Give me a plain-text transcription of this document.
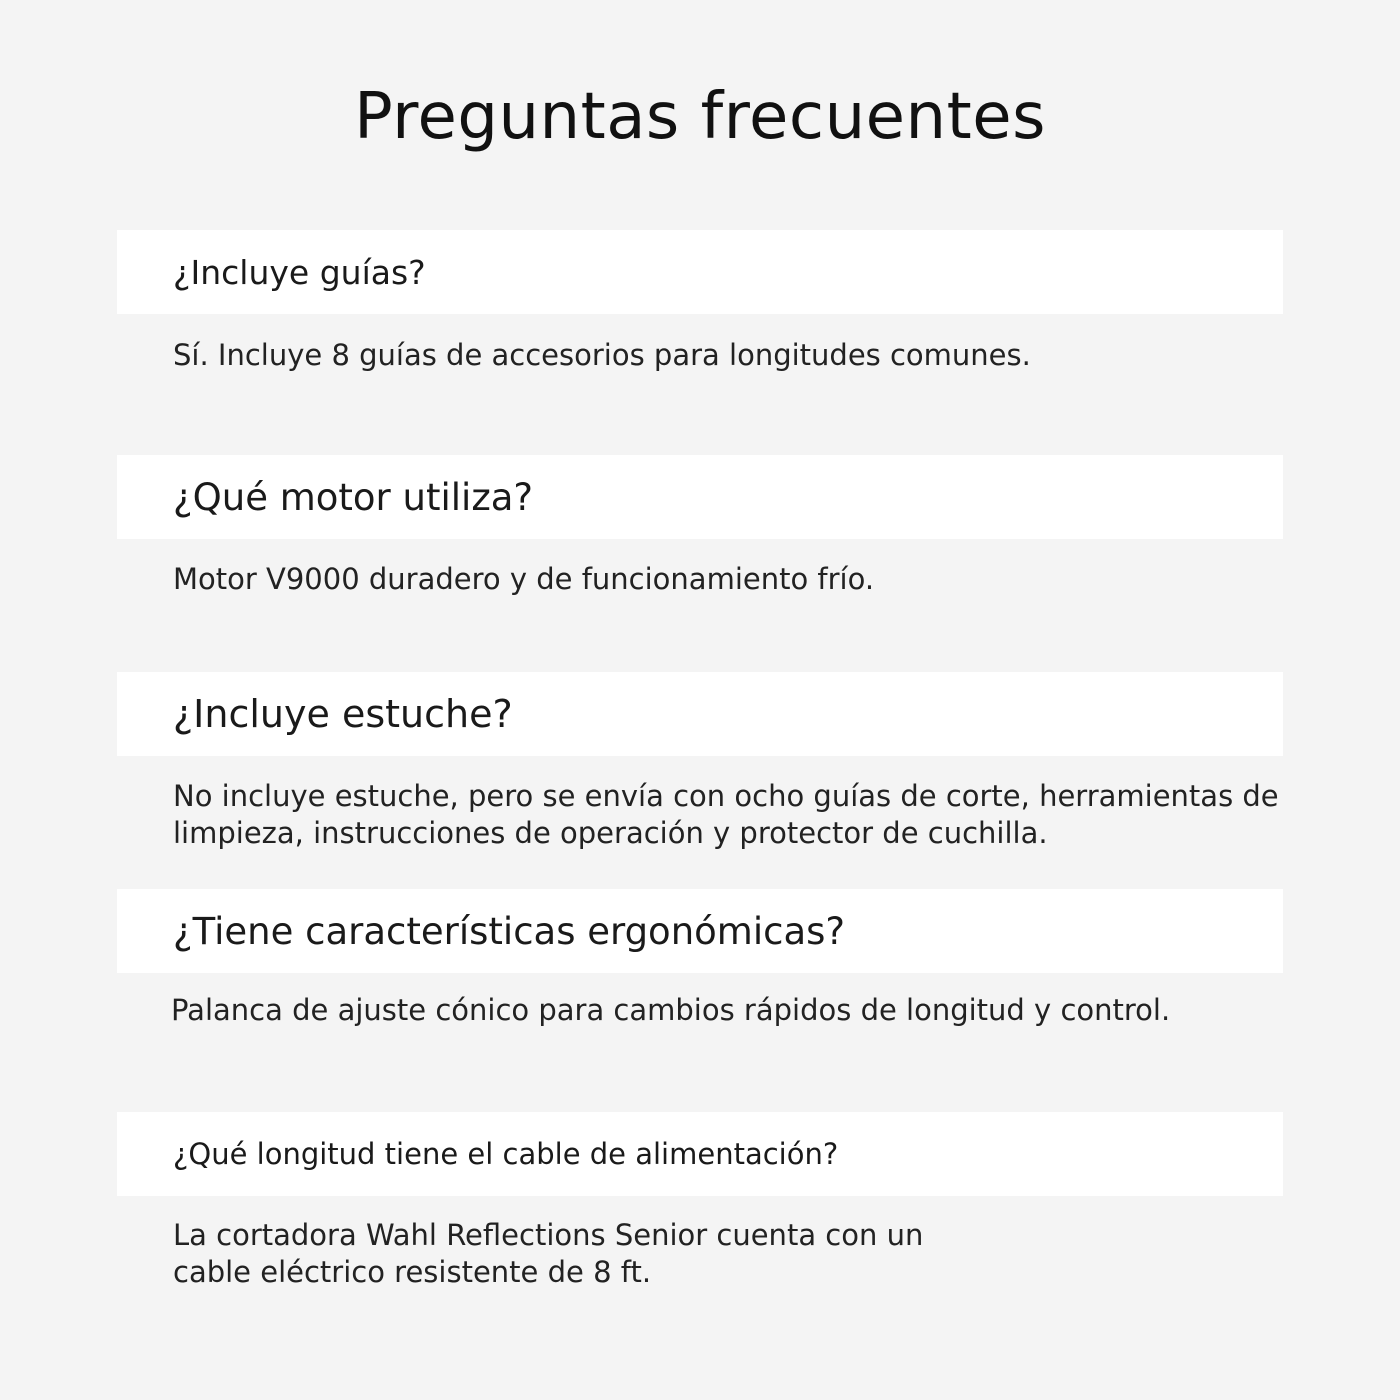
Preguntas frecuentes
¿Incluye guías?

Sí. Incluye 8 guías de accesorios para longitudes comunes.

¿Qué motor utiliza?

Motor V9000 duradero y de funcionamiento frío.

¿Incluye estuche?

No incluye estuche, pero se envía con ocho guías de corte, herramientas de
limpieza, instrucciones de operación y protector de cuchilla.

¿Tiene características ergonómicas?

Palanca de ajuste cónico para cambios rápidos de longitud y control.

¿Qué longitud tiene el cable de alimentación?

La cortadora Wahl Reflections Senior cuenta con un
cable eléctrico resistente de 8 ft.
